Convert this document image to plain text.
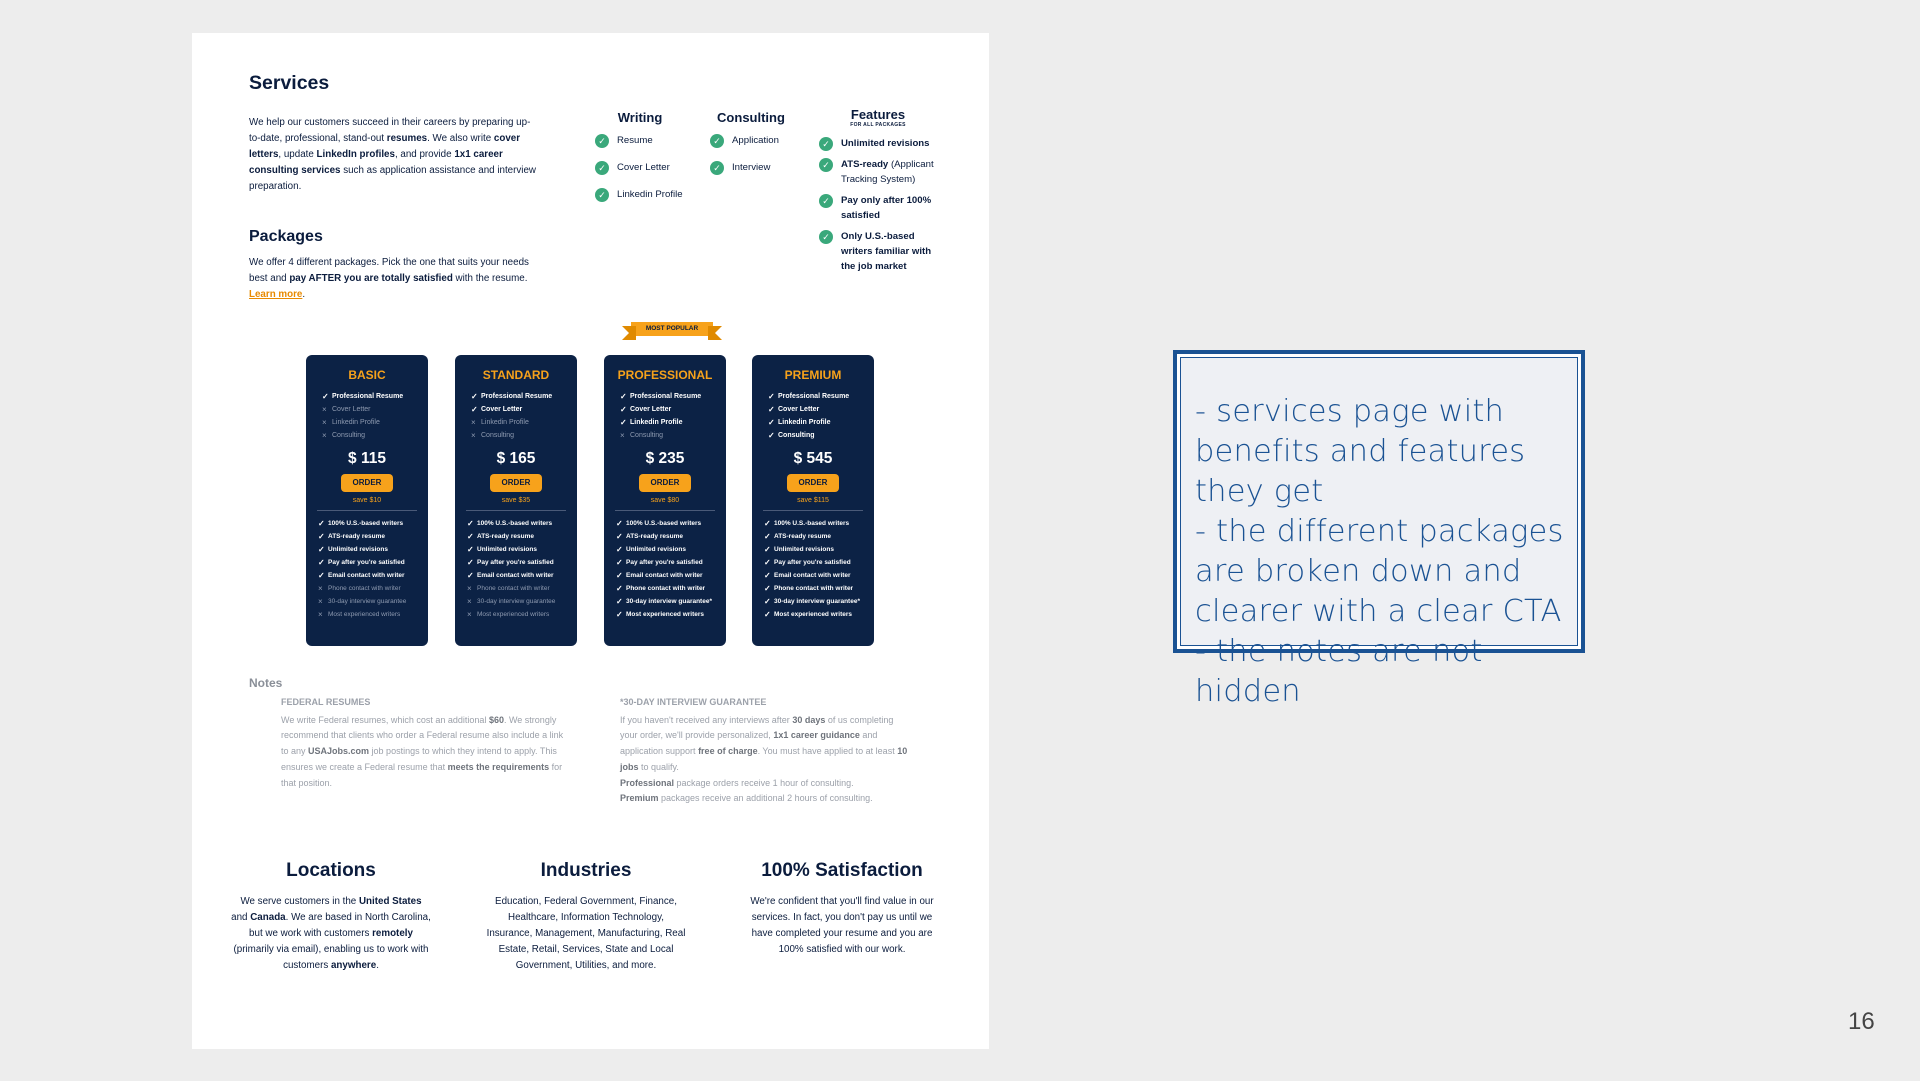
Services
We help our customers succeed in their careers by preparing up-to-date, professional, stand-out resumes. We also write cover letters, update LinkedIn profiles, and provide 1x1 career consulting services such as application assistance and interview preparation.
Packages
We offer 4 different packages. Pick the one that suits your needs best and pay AFTER you are totally satisfied with the resume. Learn more.
Writing
✓	Resume
✓	Cover Letter
✓	Linkedin Profile
Consulting
✓	Application
✓	Interview
Features
FOR ALL PACKAGES
✓	Unlimited revisions
✓	ATS-ready (Applicant Tracking System)
✓	Pay only after 100% satisfied
✓	Only U.S.-based writers familiar with the job market
MOST POPULAR
BASIC
✓ Professional Resume
× Cover Letter
× Linkedin Profile
× Consulting
$ 115
ORDER
save $10
✓ 100% U.S.-based writers
✓ ATS-ready resume
✓ Unlimited revisions
✓ Pay after you're satisfied
✓ Email contact with writer
× Phone contact with writer
× 30-day interview guarantee
× Most experienced writers
STANDARD
✓ Professional Resume
✓ Cover Letter
× Linkedin Profile
× Consulting
$ 165
ORDER
save $35
✓ 100% U.S.-based writers
✓ ATS-ready resume
✓ Unlimited revisions
✓ Pay after you're satisfied
✓ Email contact with writer
× Phone contact with writer
× 30-day interview guarantee
× Most experienced writers
PROFESSIONAL
✓ Professional Resume
✓ Cover Letter
✓ Linkedin Profile
× Consulting
$ 235
ORDER
save $80
✓ 100% U.S.-based writers
✓ ATS-ready resume
✓ Unlimited revisions
✓ Pay after you're satisfied
✓ Email contact with writer
✓ Phone contact with writer
✓ 30-day interview guarantee*
✓ Most experienced writers
PREMIUM
✓ Professional Resume
✓ Cover Letter
✓ Linkedin Profile
✓ Consulting
$ 545
ORDER
save $115
✓ 100% U.S.-based writers
✓ ATS-ready resume
✓ Unlimited revisions
✓ Pay after you're satisfied
✓ Email contact with writer
✓ Phone contact with writer
✓ 30-day interview guarantee*
✓ Most experienced writers
Notes
FEDERAL RESUMES
We write Federal resumes, which cost an additional $60. We strongly recommend that clients who order a Federal resume also include a link to any USAJobs.com job postings to which they intend to apply. This ensures we create a Federal resume that meets the requirements for that position.
*30-DAY INTERVIEW GUARANTEE
If you haven't received any interviews after 30 days of us completing your order, we'll provide personalized, 1x1 career guidance and application support free of charge. You must have applied to at least 10 jobs to qualify.
Professional package orders receive 1 hour of consulting.
Premium packages receive an additional 2 hours of consulting.
Locations

We serve customers in the United States and Canada. We are based in North Carolina, but we work with customers remotely (primarily via email), enabling us to work with customers anywhere.

Industries

Education, Federal Government, Finance, Healthcare, Information Technology, Insurance, Management, Manufacturing, Real Estate, Retail, Services, State and Local Government, Utilities, and more.

100% Satisfaction

We're confident that you'll find value in our services. In fact, you don't pay us until we have completed your resume and you are 100% satisfied with our work.

- services page with benefits and features they get
- the different packages are broken down and clearer with a clear CTA
- the notes are not hidden
16
